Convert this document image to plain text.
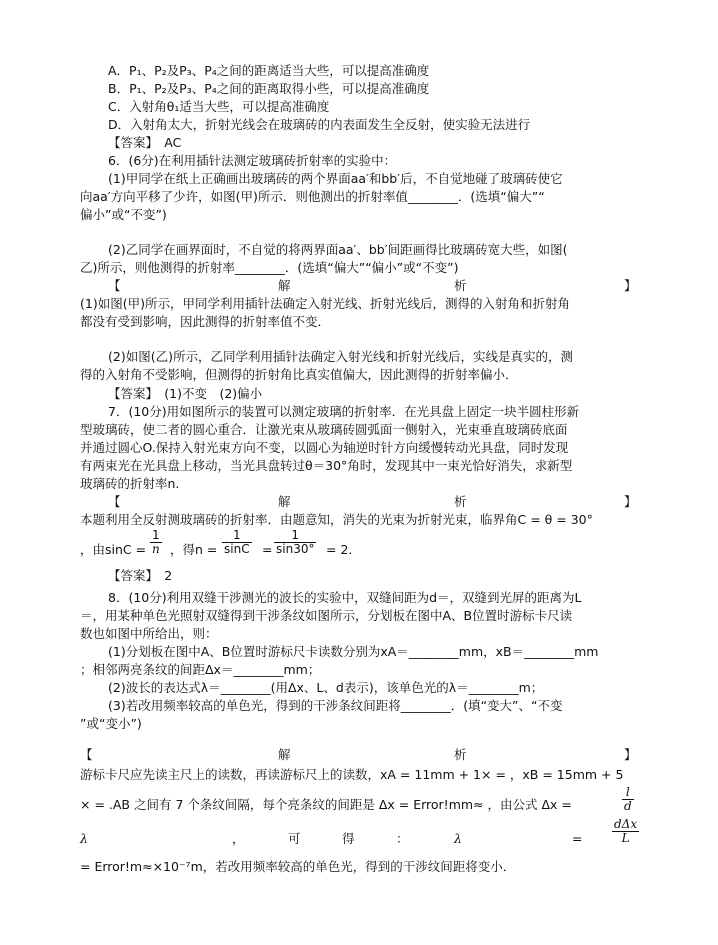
A．P₁、P₂及P₃、P₄之间的距离适当大些，可以提高准确度
B．P₁、P₂及P₃、P₄之间的距离取得小些，可以提高准确度
C．入射角θ₁适当大些，可以提高准确度
D．入射角太大，折射光线会在玻璃砖的内表面发生全反射，使实验无法进行
【答案】　AC
6．(6分)在利用插针法测定玻璃砖折射率的实验中：
(1)甲同学在纸上正确画出玻璃砖的两个界面aa′和bb′后，不自觉地碰了玻璃砖使它
向aa′方向平移了少许，如图(甲)所示．则他测出的折射率值________．(选填“偏大”“
偏小”或“不变”)
(2)乙同学在画界面时，不自觉的将两界面aa′、bb′间距画得比玻璃砖宽大些，如图(
乙)所示，则他测得的折射率________．(选填“偏大”“偏小”或“不变”)
【	解	析	】
(1)如图(甲)所示，甲同学利用插针法确定入射光线、折射光线后，测得的入射角和折射角
都没有受到影响，因此测得的折射率值不变．
(2)如图(乙)所示，乙同学利用插针法确定入射光线和折射光线后，实线是真实的，测
得的入射角不受影响，但测得的折射角比真实值偏大，因此测得的折射率偏小．
【答案】　(1)不变　(2)偏小
7．(10分)用如图所示的装置可以测定玻璃的折射率．在光具盘上固定一块半圆柱形新
型玻璃砖，使二者的圆心重合．让激光束从玻璃砖圆弧面一侧射入，光束垂直玻璃砖底面
并通过圆心O.保持入射光束方向不变，以圆心为轴逆时针方向缓慢转动光具盘，同时发现
有两束光在光具盘上移动，当光具盘转过θ＝30°角时，发现其中一束光恰好消失，求新型
玻璃砖的折射率n.
【	解	析	】
本题利用全反射测玻璃砖的折射率．由题意知，消失的光束为折射光束，临界角C = θ = 30°
，由$\sin C = \frac{1}{n}$ ，得$n = \frac{1}{\sin C} = \frac{1}{\sin 30^\circ} = 2$.
【答案】　2
8．(10分)利用双缝干涉测光的波长的实验中，双缝间距为d＝，双缝到光屏的距离为L
＝，用某种单色光照射双缝得到干涉条纹如图所示，分划板在图中A、B位置时游标卡尺读
数也如图中所给出，则：
(1)分划板在图中A、B位置时游标尺卡读数分别为xA＝________mm，xB＝________mm
；相邻两亮条纹的间距Δx＝________mm；
(2)波长的表达式λ＝________(用Δx、L、d表示)，该单色光的λ＝________m；
(3)若改用频率较高的单色光，得到的干涉条纹间距将________．(填“变大”、“不变
”或“变小”)
【	解	析	】
游标卡尺应先读主尺上的读数，再读游标尺上的读数，xA = 11mm + 1× = ，xB = 15mm + 5
× = .AB 之间有 7 个条纹间隔，每个亮条纹的间距是 Δx = Error!mm≈ ，由公式 Δx =	$\frac{l}{d}$
λ	，	可	得	：	λ	=
dΔx
L
= Error!m≈×10⁻⁷m，若改用频率较高的单色光，得到的干涉纹间距将变小．
